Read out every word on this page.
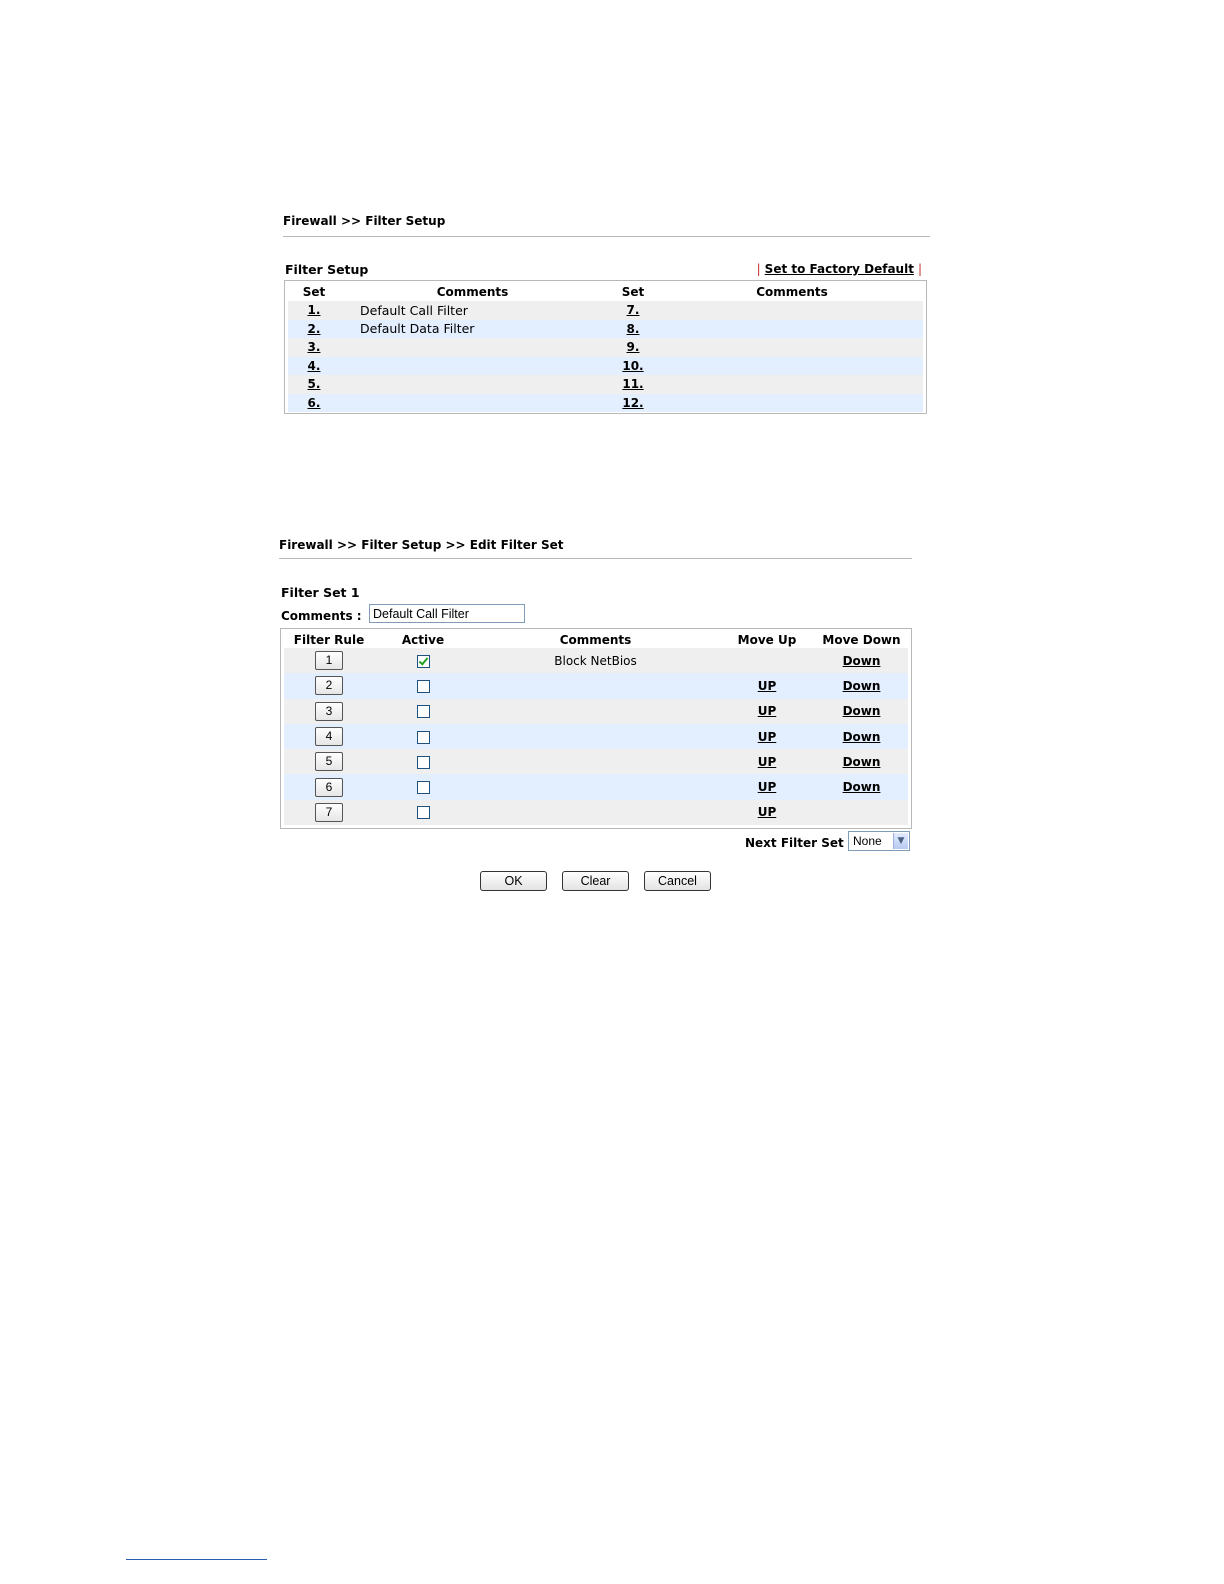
Firewall >> Filter Setup
Filter Setup	| Set to Factory Default |
Set	Comments	Set	Comments
1.	Default Call Filter	7.	
2.	Default Data Filter	8.	
3.		9.	
4.		10.	
5.		11.	
6.		12.	
Firewall >> Filter Setup >> Edit Filter Set
Filter Set 1
Comments :
Default Call Filter
Filter Rule	Active	Comments	Move Up	Move Down
1		Block NetBios		Down
2			UP	Down
3			UP	Down
4			UP	Down
5			UP	Down
6			UP	Down
7			UP	
Next Filter Set None	▼
OK	Clear	Cancel
